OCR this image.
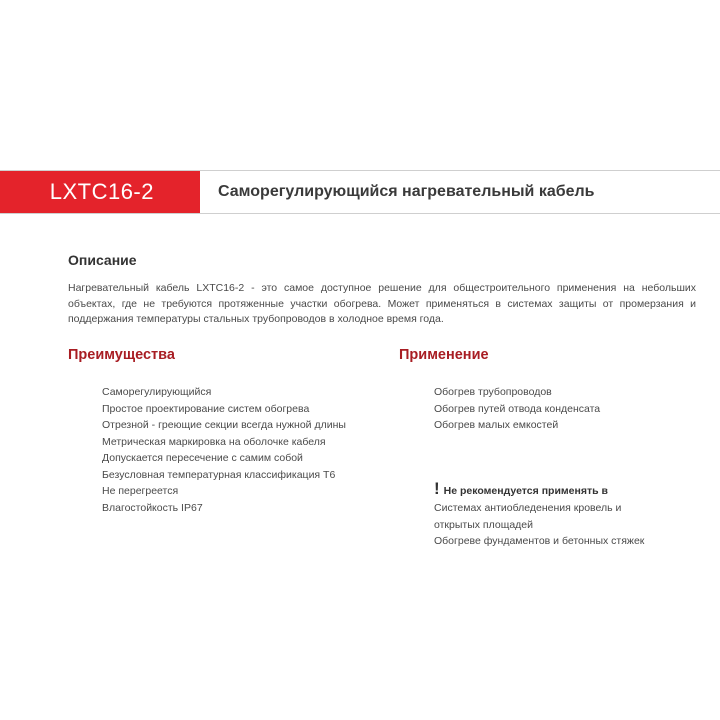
LXTC16-2	Саморегулирующийся нагревательный кабель
Описание
Нагревательный кабель LXTC16-2 - это самое доступное решение для общестроительного применения на небольших объектах, где не требуются протяженные участки обогрева. Может применяться в системах защиты от промерзания и поддержания температуры стальных трубопроводов в холодное время года.
Преимущества
Саморегулирующийся
Простое проектирование систем обогрева
Отрезной - греющие секции всегда нужной длины
Метрическая маркировка на оболочке кабеля
Допускается пересечение с самим собой
Безусловная температурная классификация Т6
Не перегреется
Влагостойкость IP67
Применение
Обогрев трубопроводов
Обогрев путей отвода конденсата
Обогрев малых емкостей
! Не рекомендуется применять в
Системах антиобледенения кровель и
открытых площадей
Обогреве фундаментов и бетонных стяжек
